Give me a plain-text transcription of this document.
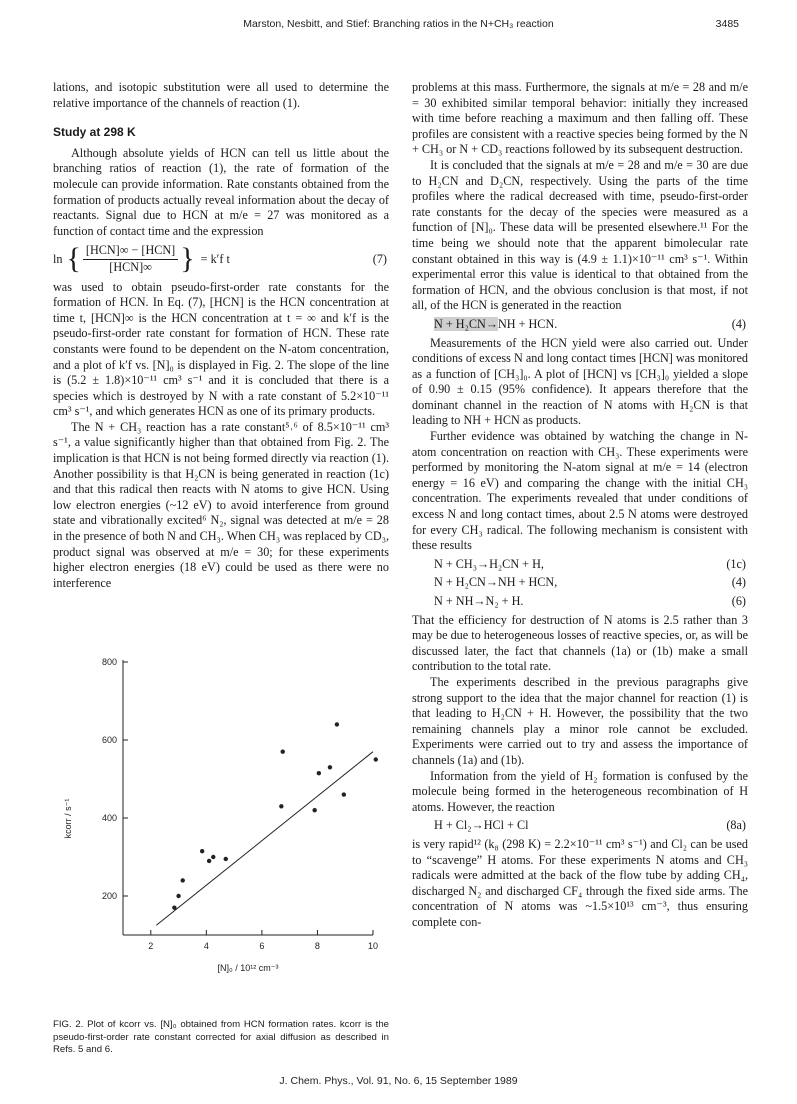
Marston, Nesbitt, and Stief: Branching ratios in the N+CH₃ reaction	3485

lations, and isotopic substitution were all used to determine the relative importance of the channels of reaction (1).

Study at 298 K

Although absolute yields of HCN can tell us little about the branching ratios of reaction (1), the rate of formation of the molecule can provide information. Rate constants obtained from the formation of products actually reveal information about the decay of reactants. Signal due to HCN at m/e = 27 was monitored as a function of contact time and the expression

ln { $\frac{\text{[HCN]∞ − [HCN]}}{\text{[HCN]∞}}$ } = k′f t	(7)

was used to obtain pseudo-first-order rate constants for the formation of HCN. In Eq. (7), [HCN] is the HCN concentration at time t, [HCN]∞ is the HCN concentration at t = ∞ and k′f is the pseudo-first-order rate constant for formation of HCN. These rate constants were found to be dependent on the N-atom concentration, and a plot of k′f vs. [N]₀ is displayed in Fig. 2. The slope of the line is (5.2 ± 1.8)×10⁻¹¹ cm³ s⁻¹ and it is concluded that there is a species which is destroyed by N with a rate constant of 5.2×10⁻¹¹ cm³ s⁻¹, and which generates HCN as one of its primary products.

The N + CH₃ reaction has a rate constant⁵˒⁶ of 8.5×10⁻¹¹ cm³ s⁻¹, a value significantly higher than that obtained from Fig. 2. The implication is that HCN is not being formed directly via reaction (1). Another possibility is that H₂CN is being generated in reaction (1c) and that this radical then reacts with N atoms to give HCN. Using low electron energies (~12 eV) to avoid interference from ground state and vibrationally excited⁶ N₂, signal was detected at m/e = 28 in the presence of both N and CH₃. When CH₃ was replaced by CD₃, product signal was observed at m/e = 30; for these experiments higher electron energies (18 eV) could be used as there were no interference

200
400
600
800
2	4	6	8	10
[N]₀ / 10¹² cm⁻³
kcorr / s⁻¹
FIG. 2. Plot of kcorr vs. [N]₀ obtained from HCN formation rates. kcorr is the pseudo-first-order rate constant corrected for axial diffusion as described in Refs. 5 and 6.

problems at this mass. Furthermore, the signals at m/e = 28 and m/e = 30 exhibited similar temporal behavior: initially they increased with time before reaching a maximum and then falling off. These profiles are consistent with a reactive species being formed by the N + CH₃ or N + CD₃ reactions followed by its subsequent destruction.

It is concluded that the signals at m/e = 28 and m/e = 30 are due to H₂CN and D₂CN, respectively. Using the parts of the time profiles where the radical decreased with time, pseudo-first-order rate constants for the decay of the species were measured as a function of [N]₀. These data will be presented elsewhere.¹¹ For the time being we should note that the apparent bimolecular rate constant obtained in this way is (4.9 ± 1.1)×10⁻¹¹ cm³ s⁻¹. Within experimental error this value is identical to that obtained from the formation of HCN, and the obvious conclusion is that most, if not all, of the HCN is generated in the reaction

N + H₂CN→NH + HCN.	(4)

Measurements of the HCN yield were also carried out. Under conditions of excess N and long contact times [HCN] was monitored as a function of [CH₃]₀. A plot of [HCN] vs [CH₃]₀ yielded a slope of 0.90 ± 0.15 (95% confidence). It appears therefore that the dominant channel in the reaction of N atoms with H₂CN is that leading to NH + HCN as products.

Further evidence was obtained by watching the change in N-atom concentration on reaction with CH₃. These experiments were performed by monitoring the N-atom signal at m/e = 14 (electron energy = 16 eV) and comparing the change with the initial CH₃ concentration. The experiments revealed that under conditions of excess N and long contact times, about 2.5 N atoms were destroyed for every CH₃ radical. The following mechanism is consistent with these results

N + CH₃→H₂CN + H,	(1c)
N + H₂CN→NH + HCN,	(4)
N + NH→N₂ + H.	(6)

That the efficiency for destruction of N atoms is 2.5 rather than 3 may be due to heterogeneous losses of reactive species, or, as will be discussed later, the fact that channels (1a) or (1b) make a small contribution to the total rate.

The experiments described in the previous paragraphs give strong support to the idea that the major channel for reaction (1) is that leading to H₂CN + H. However, the possibility that the two remaining channels play a minor role cannot be excluded. Experiments were carried out to try and assess the importance of channels (1a) and (1b).

Information from the yield of H₂ formation is confused by the molecule being formed in the heterogeneous recombination of H atoms. However, the reaction

H + Cl₂→HCl + Cl	(8a)

is very rapid¹² (k₈ (298 K) = 2.2×10⁻¹¹ cm³ s⁻¹) and Cl₂ can be used to “scavenge” H atoms. For these experiments N atoms and CH₃ radicals were admitted at the back of the flow tube by adding CH₄, discharged N₂ and discharged CF₄ through the fixed side arms. The concentration of N atoms was ~1.5×10¹³ cm⁻³, thus ensuring complete con-

J. Chem. Phys., Vol. 91, No. 6, 15 September 1989
